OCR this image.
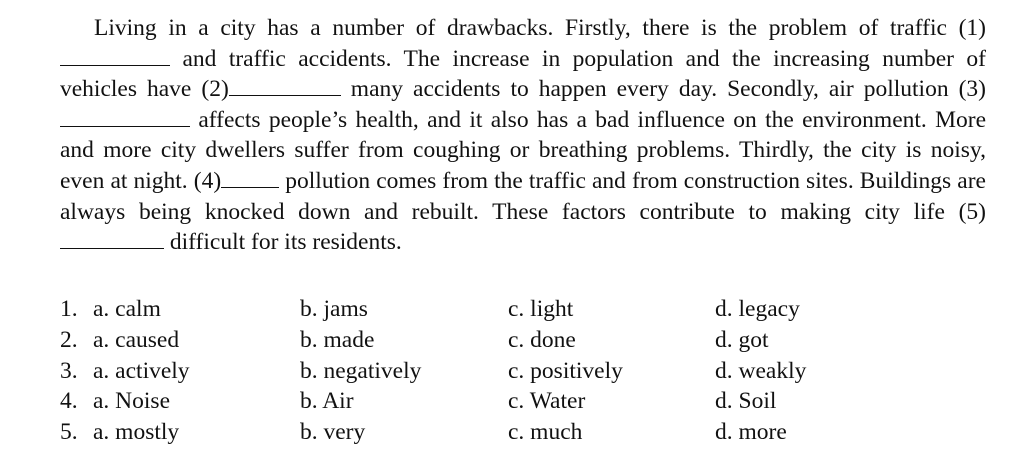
Living in a city has a number of drawbacks. Firstly, there is the problem of traffic (1) and traffic accidents. The increase in population and the increasing number of vehicles have (2)	many accidents to happen every day. Secondly, air pollution (3) affects people’s health, and it also has a bad influence on the environment. More and more city dwellers suffer from coughing or breathing problems. Thirdly, the city is noisy, even at night. (4) pollution comes from the traffic and from construction sites. Buildings are always being knocked down and rebuilt. These factors contribute to making city life (5) difficult for its residents.

1. a. calm	b. jams	c. light	d. legacy
2. a. caused	b. made	c. done	d. got
3. a. actively	b. negatively	c. positively	d. weakly
4. a. Noise	b. Air	c. Water	d. Soil
5. a. mostly	b. very	c. much	d. more
